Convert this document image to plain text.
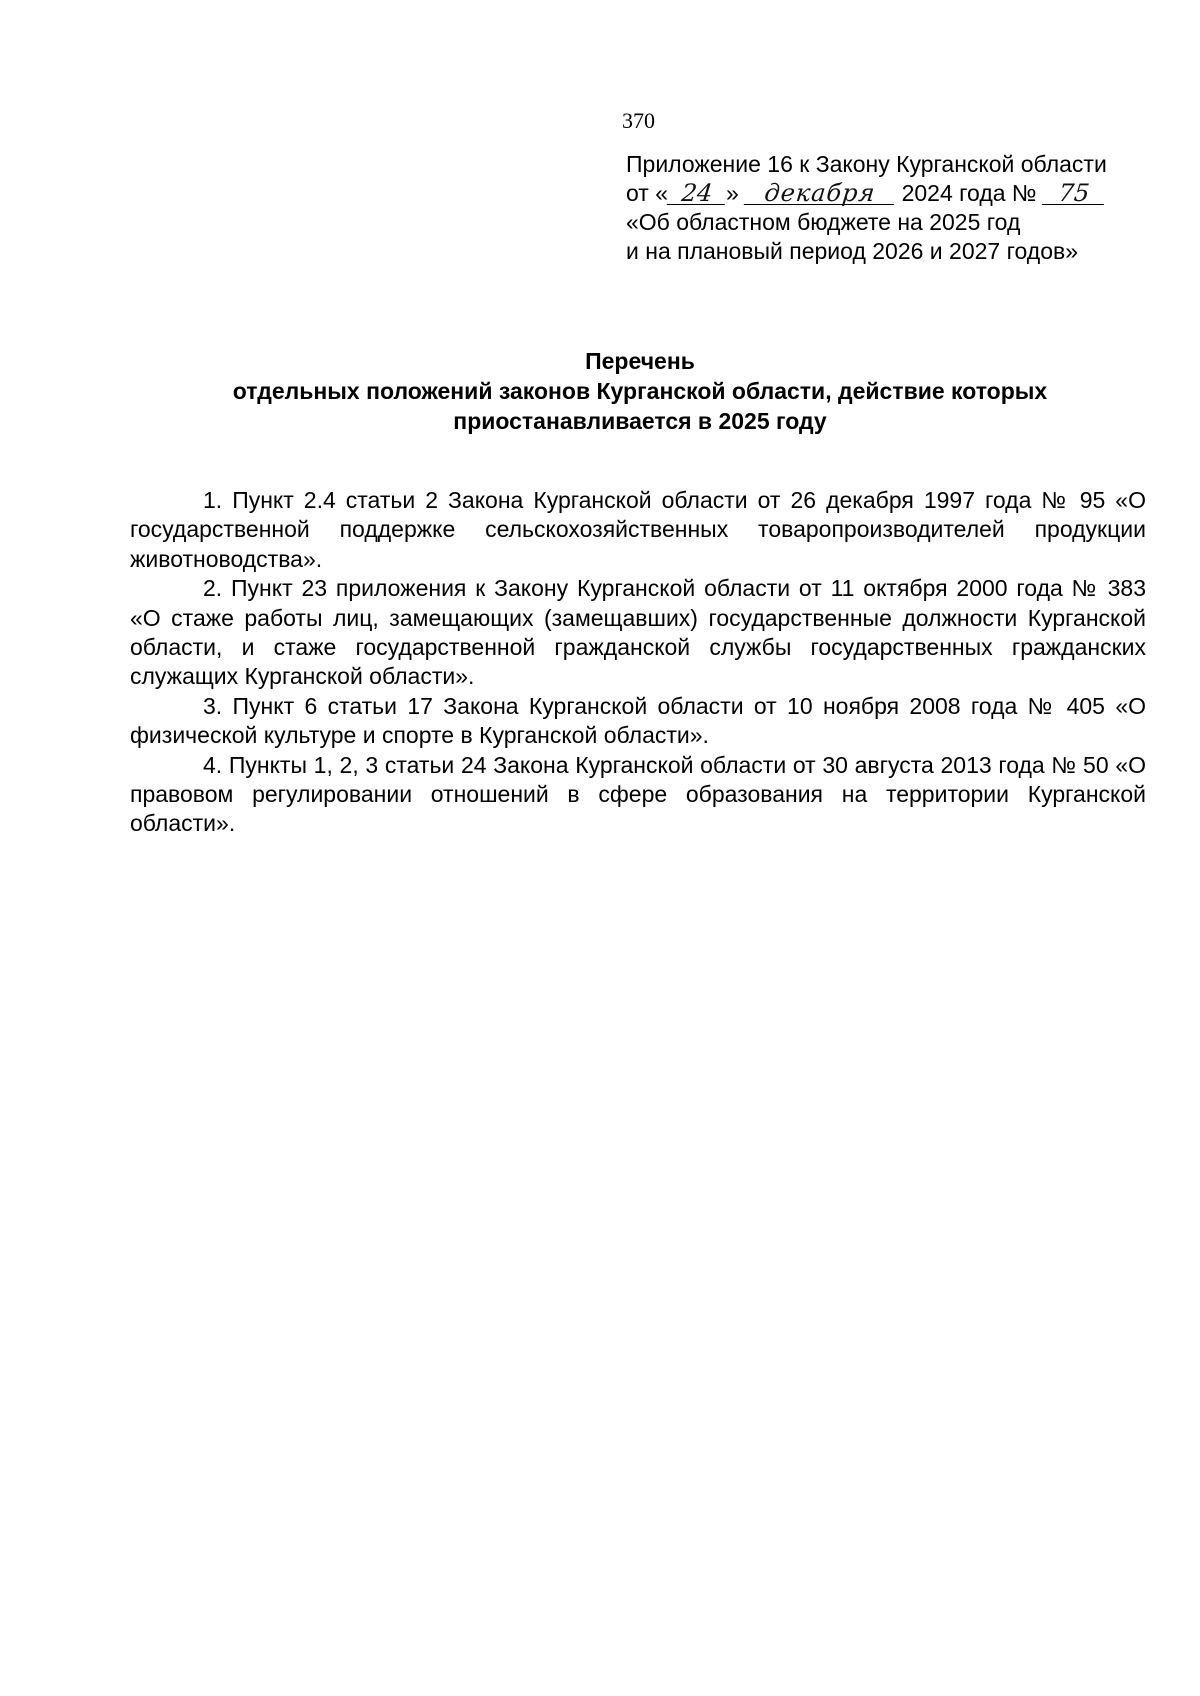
370
Приложение 16 к Закону Курганской области
от « 24 » декабря 2024 года № 75
«Об областном бюджете на 2025 год
и на плановый период 2026 и 2027 годов»
Перечень
отдельных положений законов Курганской области, действие которых
приостанавливается в 2025 году

1. Пункт 2.4 статьи 2 Закона Курганской области от 26 декабря 1997 года № 95 «О государственной поддержке сельскохозяйственных товаропроизводителей продукции животноводства».

2. Пункт 23 приложения к Закону Курганской области от 11 октября 2000 года № 383 «О стаже работы лиц, замещающих (замещавших) государственные должности Курганской области, и стаже государственной гражданской службы государственных гражданских служащих Курганской области».

3. Пункт 6 статьи 17 Закона Курганской области от 10 ноября 2008 года № 405 «О физической культуре и спорте в Курганской области».

4. Пункты 1, 2, 3 статьи 24 Закона Курганской области от 30 августа 2013 года № 50 «О правовом регулировании отношений в сфере образования на территории Курганской области».
